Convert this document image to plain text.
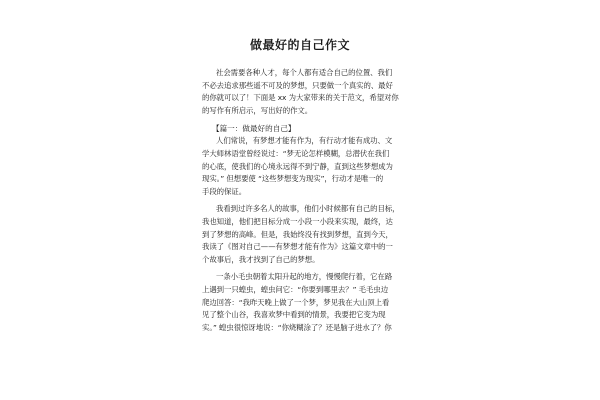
做最好的自己作文

社会需要各种人才，每个人都有适合自己的位置、我们
不必去追求那些遥不可及的梦想，只要做一个真实的、最好
的你就可以了！下面是 xx 为大家带来的关于范文，希望对你
的写作有所启示，写出好的作文。

【篇一：做最好的自己】

人们常说，有梦想才能有作为，有行动才能有成功、文
学大师林语堂曾经说过：“梦无论怎样模糊，总潜伏在我们
的心底，使我们的心境永远得不到宁静，直到这些梦想成为
现实。” 但想要使 “这些梦想变为现实”，行动才是唯一的
手段的保证。

我看到过许多名人的故事，他们小时候都有自己的目标，
我也知道，他们把目标分成一小段一小段来实现，最终，达
到了梦想的高峰。但是，我始终没有找到梦想，直到今天，
我读了《图对自己——有梦想才能有作为》这篇文章中的一
个故事后，我才找到了自己的梦想。

一条小毛虫朝着太阳升起的地方，慢慢爬行着，它在路
上遇到一只蝗虫，蝗虫问它：“你要到哪里去？” 毛毛虫边
爬边回答：“我昨天晚上做了一个梦，梦见我在大山顶上看
见了整个山谷，我喜欢梦中看到的情景，我要把它变为现
实。” 蝗虫很惊讶地说：“你烧糊涂了？还是脑子进水了？你
